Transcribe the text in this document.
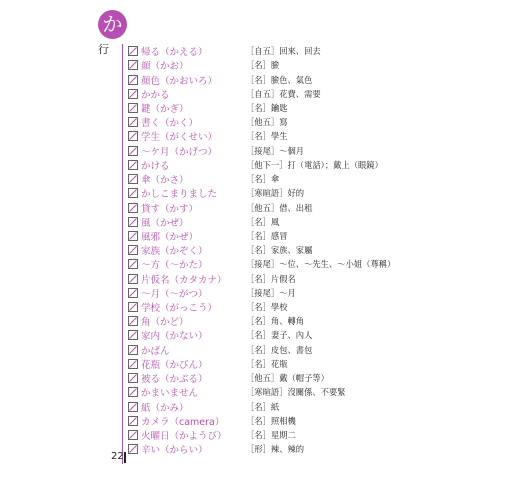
か
行	帰る（かえる）	［自五］回來、回去
顔（かお）	［名］臉
顏色（かおいろ）	［名］臉色、氣色
かかる	［自五］花費、需要
鍵（かぎ）	［名］鑰匙
書く（かく）	［他五］寫
学生（がくせい）	［名］學生
～ケ月（かげつ）	［接尾］～個月
かける	［他下一］打（電話）；戴上（眼鏡）
傘（かさ）	［名］傘
かしこまりました	［寒暄語］好的
貸す（かす）	［他五］借、出租
風（かぜ）	［名］風
風邪（かぜ）	［名］感冒
家族（かぞく）	［名］家族、家屬
～方（～かた）	［接尾］～位、～先生、～小姐（尊稱）
片仮名（カタカナ）	［名］片假名
～月（～がつ）	［接尾］～月
学校（がっこう）	［名］學校
角（かど）	［名］角、轉角
家内（かない）	［名］妻子、內人
かばん	［名］皮包、書包
花瓶（かびん）	［名］花瓶
被る（かぶる）	［他五］戴（帽子等）
かまいません	［寒暄語］沒關係、不要緊
紙（かみ）	［名］紙
カメラ（camera）	［名］照相機
火曜日（かようび）	［名］星期二
辛い（からい）	［形］辣、辣的
22
